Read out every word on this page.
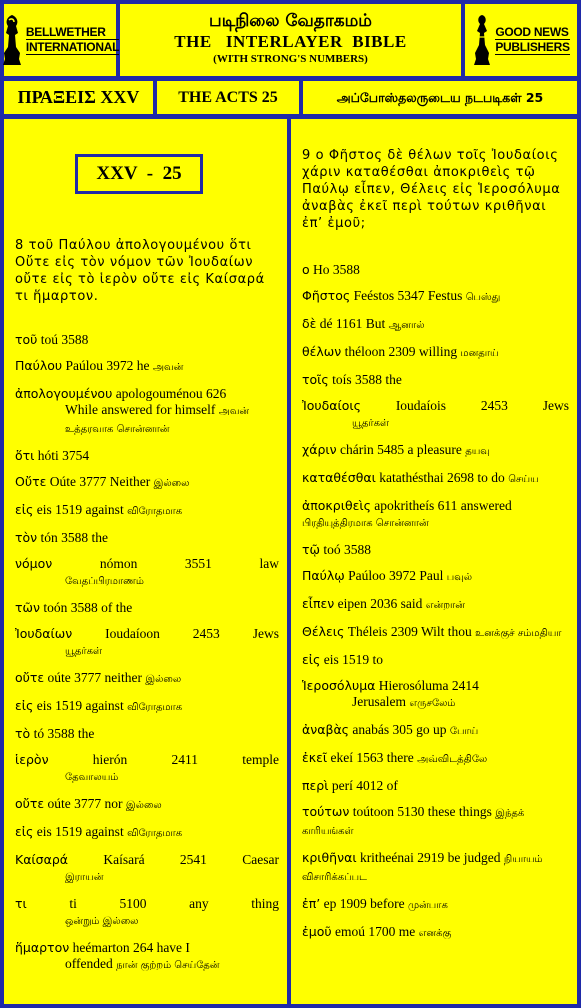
BELLWETHER
INTERNATIONAL
படிநிலை வேதாகமம்
THE   INTERLAYER  BIBLE
(WITH STRONG'S NUMBERS)
GOOD NEWS
PUBLISHERS
ΠΡΑΞΕΙΣ XXV	THE ACTS 25	அப்போஸ்தலருடைய நடபடிகள் 25
XXV  -  25
8 τοῦ Παύλου ἀπολογουμένου ὅτι Οὔτε εἰς τὸν νόμον τῶν Ἰουδαίων οὔτε εἰς τὸ ἱερὸν οὔτε εἰς Καίσαρά τι ἥμαρτον.
τοῦ toú 3588
Παύλου Paúlou 3972 he அவன்
ἀπολογουμένου apologouménou 626
While answered for himself அவன் உத்தரவாக சொன்னான்
ὅτι hóti 3754
Οὔτε Oúte 3777 Neither இல்லை
εἰς eis 1519 against விரோதமாக
τὸν tón 3588 the
νόμον	nómon 3551 law
வேதப்பிரமாணம்
τῶν toón 3588 of the
Ἰουδαίων Ioudaíoon 2453 Jews
யூதர்கள்
οὔτε oúte 3777 neither இல்லை
εἰς eis 1519 against விரோதமாக
τὸ tó 3588 the
ἱερὸν	hierón 2411 temple
தேவாலயம்
οὔτε oúte 3777 nor இல்லை
εἰς eis 1519 against விரோதமாக
Καίσαρά	Kaísará 2541 Caesar
இராயன்
τι	ti 5100 any thing
ஒன்றும் இல்லை
ἥμαρτον heémarton 264 have I
offended நான் குற்றம் செய்தேன்
9 ο Φῆστος δὲ θέλων τοῖς Ἰουδαίοις χάριν καταθέσθαι ἀποκριθεὶς τῷ Παύλῳ εἶπεν, Θέλεις εἰς Ἱεροσόλυμα ἀναβὰς ἐκεῖ περὶ τούτων κριθῆναι ἐπ’ ἐμοῦ;
ο Ho 3588
Φῆστος Feéstos 5347 Festus பெஸ்து
δὲ dé 1161 But ஆனால்
θέλων théloon 2309 willing மனதாய்
τοῖς toís 3588 the
Ἰουδαίοις	Ioudaíois 2453 Jews
யூதர்கள்
χάριν chárin 5485 a pleasure தயவு
καταθέσθαι katathésthai 2698 to do செய்ய
ἀποκριθεὶς apokritheís 611 answered பிரதியுத்திரமாக சொன்னான்
τῷ toó 3588
Παύλῳ Paúloo 3972 Paul பவுல்
εἶπεν eipen 2036 said என்றான்
Θέλεις Théleis 2309 Wilt thou உனக்குச் சம்மதியா
εἰς eis 1519 to
Ἱεροσόλυμα Hierosóluma 2414
Jerusalem எருசலேம்
ἀναβὰς anabás 305 go up போய்
ἐκεῖ ekeí 1563 there அவ்விடத்திலே
περὶ perí 4012 of
τούτων toútoon 5130 these things இந்தக் காரியங்கள்
κριθῆναι kritheénai 2919 be judged நியாயம் விசாரிக்கப்பட
ἐπ’ ep 1909 before முன்பாக
ἐμοῦ emoú 1700 me எனக்கு
